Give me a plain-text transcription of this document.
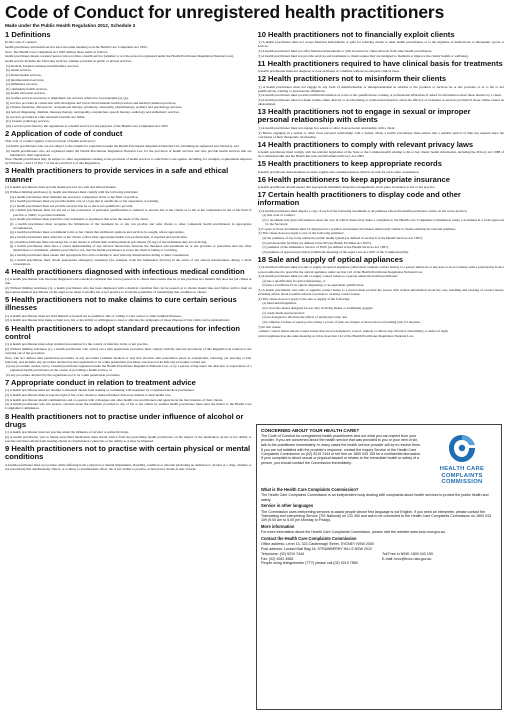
Code of Conduct for unregistered health practitioners
Made under the Public Health Regulation 2012, Schedule 3
1 Definitions

In this code of conduct:

health practitioner and health service have the same meaning as in the Health Care Complaints Act 1993.

Note. The Health Care Complaints Act 1993 defines those terms as follows:

health practitioner means a natural person who provides a health service (whether or not the person is registered under the Health Practitioner Regulation National Law).

health service includes the following services, whether provided as public or private services:

(a) medical, hospital, nursing and midwifery services,

(b) dental services,

(c) mental health services,

(d) pharmaceutical services,

(e) ambulance services,

(f) community health services,

(g) health education services,

(h) welfare services necessary to implement any services referred to in paragraphs (a)–(g),

(i) services provided in connection with Aboriginal and Torres Strait Islander health practices and medical radiation practices,

(j) Chinese medicine, chiropractic, occupational therapy, optometry, osteopathy, physiotherapy, podiatry and psychology services,

(k) optical dispensing, dietitian, massage therapy, naturopathy, acupuncture, speech therapy, audiology and audiometry services,

(l) services provided in other alternative health care fields,

(l1) forensic pathology services,

(m) a service prescribed by the regulations as a health service for the purposes of the Health Care Complaints Act 1993.

2 Application of code of conduct

This code of conduct applies to the provision of health services by:

(a) health practitioners who are not subject to the scheme for registration under the Health Practitioner Regulation National Law (including de-registered practitioners), and

(b) health practitioners who are registered under the Health Practitioner Regulation National Law for the provision of health services and who provide health services that are unrelated to their registration.

Note. Health practitioners may be subject to other requirements relating to the provision of health services to which this Code applies, including, for example, requirements imposed by Divisions 1 and 3 of Part 7 of the Act and Part 4 of this Regulation.

3 Health practitioners to provide services in a safe and ethical manner

(1) A health practitioner must provide health services in a safe and ethical manner.

(2) Without limiting subclause (1), health practitioners must comply with the following principles:

(a) a health practitioner must maintain the necessary competence in his or her field of practice,

(b) a health practitioner must not provide health care of a type that is outside his or her experience or training,

(c) a health practitioner must not provide services that he or she is not qualified to provide,

(d) a health practitioner must not use his or her possession of particular qualifications to mislead or deceive his or her clients as to his or her competence in his or her field of practice or ability to provide treatment,

(e) a health practitioner must prescribe only treatments or appliances that serve the needs of the client,

(f) a health practitioner must recognise the limitations of the treatment he or she can provide and refer clients to other competent health practitioners in appropriate circumstances,

(g) a health practitioner must recommend to his or her clients that additional opinions and services be sought, where appropriate,

(h) a health practitioner must assist his or her clients to find other appropriate health care professionals, if required and practicable,

(i) a health practitioner must encourage his or her clients to inform their treating medical practitioner (if any) of the treatments they are receiving,

(j) a health practitioner must have a sound understanding of any adverse interactions between the therapies and treatments he or she provides or prescribes and any other medications or treatments, whether prescribed or not, that the health practitioner is aware the client is taking or receiving,

(k) a health practitioner must ensure that appropriate first aid is available to deal with any misadventure during a client consultation,

(l) a health practitioner must obtain appropriate emergency assistance (for example, from the Ambulance Service) in the event of any serious misadventure during a client consultation.

4 Health practitioners diagnosed with infectious medical condition

(1) A health practitioner who has been diagnosed with a medical condition that can be passed on to clients must ensure that he or she practises in a manner that does not put clients at risk.

(2) Without limiting subclause (1), a health practitioner who has been diagnosed with a medical condition that can be passed on to clients should take and follow advice from an appropriate medical practitioner on the steps to be taken to modify his or her practice to avoid the possibility of transmitting that condition to clients.

5 Health practitioners not to make claims to cure certain serious illnesses

(1) A health practitioner must not hold himself or herself out as qualified, able or willing to cure cancer or other terminal illnesses.

(2) A health practitioner may make a claim as to his or her ability or willingness to treat or alleviate the symptoms of those illnesses if that claim can be substantiated.

6 Health practitioners to adopt standard precautions for infection control

(1) A health practitioner must adopt standard precautions for the control of infection in his or her practice.

(2) Without limiting subclause (1), a health practitioner who carries out a skin penetration procedure must comply with the relevant provisions of this Regulation in relation to the carrying out of the procedure.

Note. The Act defines skin penetration procedure as any procedure (whether medical or not) that involves skin penetration (such as acupuncture, tattooing, ear piercing or hair removal), and includes any procedure declared by the regulations to be a skin penetration procedure, but does not include any procedure carried out:

(a) any procedure carried out by a health practitioner registered under the Health Practitioner Regulation National Law, or by a person acting under the direction or supervision of a registered health practitioner, in the course of providing a health service, or

(b) any procedure declared by the regulations not to be a skin penetration procedure.

7 Appropriate conduct in relation to treatment advice

(1) A health practitioner must not attempt to dissuade clients from seeking or continuing with treatment by a registered medical practitioner.

(2) A health practitioner must accept the right of his or her clients to make informed choices in relation to their health care.

(3) A health practitioner should communicate and co-operate with colleagues and other health care practitioners and agencies in the best interests of their clients.

(4) A health practitioner who has serious concerns about the treatment provided to any of his or her clients by another health practitioner must refer the matter to the Health Care Complaints Commission.

8 Health practitioners not to practise under influence of alcohol or drugs

(1) A health practitioner must not practise under the influence of alcohol or unlawful drugs.

(2) A health practitioner who is taking prescribed medication must obtain advice from the prescribing health practitioner on the impact of the medication on his or her ability to practise and must refrain from treating clients in circumstances where his or her ability is or may be impaired.

9 Health practitioners not to practise with certain physical or mental conditions

A health practitioner must not practise while suffering from a physical or mental impairment, disability, condition or disorder (including an addiction to alcohol or a drug, whether or not prescribed) that detrimentally affects, or is likely to detrimentally affect, his or her ability to practise or that places clients at risk of harm.

10 Health practitioners not to financially exploit clients

(1) A health practitioner must not accept financial inducements or gifts for referring clients to other health practitioners or to the suppliers of medications or therapeutic goods or devices.

(2) A health practitioner must not offer financial inducements or gifts in return for client referrals from other health practitioners.

(3) A health practitioner must not provide services and treatments to clients unless they are designed to maintain or improve the clients' health or wellbeing.

11 Health practitioners required to have clinical basis for treatments

A health practitioner must not diagnose or treat an illness or condition without an adequate clinical basis.

12 Health practitioners not to misinform their clients

(1) A health practitioner must not engage in any form of misinformation or misrepresentation in relation to the products or services he or she provides or as to his or her qualifications, training or professional affiliations.

(2) A health practitioner must provide truthful information as to his or her qualifications, training or professional affiliations if asked for information about those matters by a client.

(3) A health practitioner must not make claims, either directly or in advertising or promotional material, about the efficacy of treatment or services provided if those claims cannot be substantiated.

13 Health practitioners not to engage in sexual or improper personal relationship with clients

(1) A health practitioner must not engage in a sexual or other close personal relationship with a client.

(2) Before engaging in a sexual or other close personal relationship with a former client, a health practitioner must ensure that a suitable period of time has elapsed since the conclusion of their therapeutic relationship.

14 Health practitioners to comply with relevant privacy laws

A health practitioner must comply with the relevant legislation of the State or the Commonwealth relating to his or her clients' health information, including the Privacy Act 1988 of the Commonwealth and the Health Records and Information Privacy Act 2002.

15 Health practitioners to keep appropriate records

A health practitioner must maintain accurate, legible and contemporaneous clinical records for each client consultation.

16 Health practitioners to keep appropriate insurance

A health practitioner should ensure that appropriate indemnity insurance arrangements are in place in relation to his or her practice.

17 Certain health practitioners to display code and other information

(1) A health practitioner must display a copy of each of the following documents at all premises where the health practitioner carries on his or her practice:

(a) this code of conduct,

(b) a document that gives information about the way in which clients may make a complaint to the Health Care Complaints Commission, being a document in a form approved by the Secretary.

(2) Copies of those documents must be displayed in a position and manner that makes them easily visible to clients entering the relevant premises.

(3) This clause does not apply to any of the following premises:

(a) the premises of any body within the public health system (as defined in section 6 of the Health Services Act 1997),

(b) private health facilities (as defined in the Private Health Facilities Act 2007),

(c) premises of the Ambulance Service of NSW (as defined in the Health Services Act 1997),

(d) premises of approved providers (within the meaning of the Aged Care Act 1997 of the Commonwealth).

18 Sale and supply of optical appliances

(1) A health practitioner must not sell or supply an optical appliance (other than cosmetic contact lenses) to a person unless he or she does so in accordance with a prescription from a person authorised to prescribe the optical appliance under section 122 of the Health Practitioner Regulation National Law.

(2) A health practitioner must not sell or supply contact lenses to a person unless the health practitioner:

(a) has a qualification in optical dispensing, or

(b) has a Certificate IV in optical dispensing or an equivalent qualification.

(3) A health practitioner who sells or supplies contact lenses to a person must provide the person with written information about the care, handling and wearing of contact lenses, including advice about possible adverse reactions to wearing contact lenses.

(4) This clause does not apply to the sale or supply of the following:

(a) hand-held magnifiers,

(b) corrective lenses designed for use only in diving masks or swimming goggles,

(c) ready-made spectacles that:

(i) are designed to alleviate the effects of presbyopia only, and

(ii) comprise 2 lenses of equal power, being a power of plus one dioptre or more but not exceeding plus 3.5 dioptres.

(5) In this clause:

cosmetic contact lenses means contact lenses that are not designed to correct, remedy or relieve any refractive abnormality or defect of sight.

optical appliance has the same meaning as it has in section 122 of the Health Practitioner Regulation National Law.

CONCERNED ABOUT YOUR HEALTH CARE?

The Code of Conduct for unregistered health practitioners sets out what you can expect from your provider. If you are concerned about the health service that was provided to you or your next of kin, talk to the practitioner immediately. In many cases the health service provider will try to resolve them.

If you are not satisfied with the provider's response, contact the Inquiry Service of the Health Care Complaints Commission on (02) 9219 7444 or toll free on 1800 043 159 for a confidential discussion. If your complaint is about sexual or physical assault or relates to the immediate health or safety of a person, you should contact the Commission immediately.

HEALTH CARE COMPLAINTS COMMISSION
What is the Health Care Complaints Commission?

The Health Care Complaints Commission is an independent body dealing with complaints about health services to protect the public health and safety.

Service in other languages

The Commission uses interpreting services to assist people whose first language is not English. If you need an interpreter, please contact the Translating and Interpreting Service (TIS National) on 131 450 and ask to be connected to the Health Care Complaints Commission on 1800 043 159 (9.00 am to 5.00 pm Monday to Friday).

More information

For more information about the Health Care Complaints Commission, please visit the website www.hccc.nsw.gov.au

Contact the Health Care Complaints Commission

Office address: Level 13, 323 Castlereagh Street, SYDNEY NSW 2000

Post address: Locked Mail Bag 18, STRAWBERRY HILLS NSW 2012

Telephone: (02) 9219 7444	Toll Free in NSW: 1800 043 159

Fax: (02) 9281 4585	E-mail: hccc@hccc.nsw.gov.au

People using teletypewriter (TTY) please call (02) 9219 7555
